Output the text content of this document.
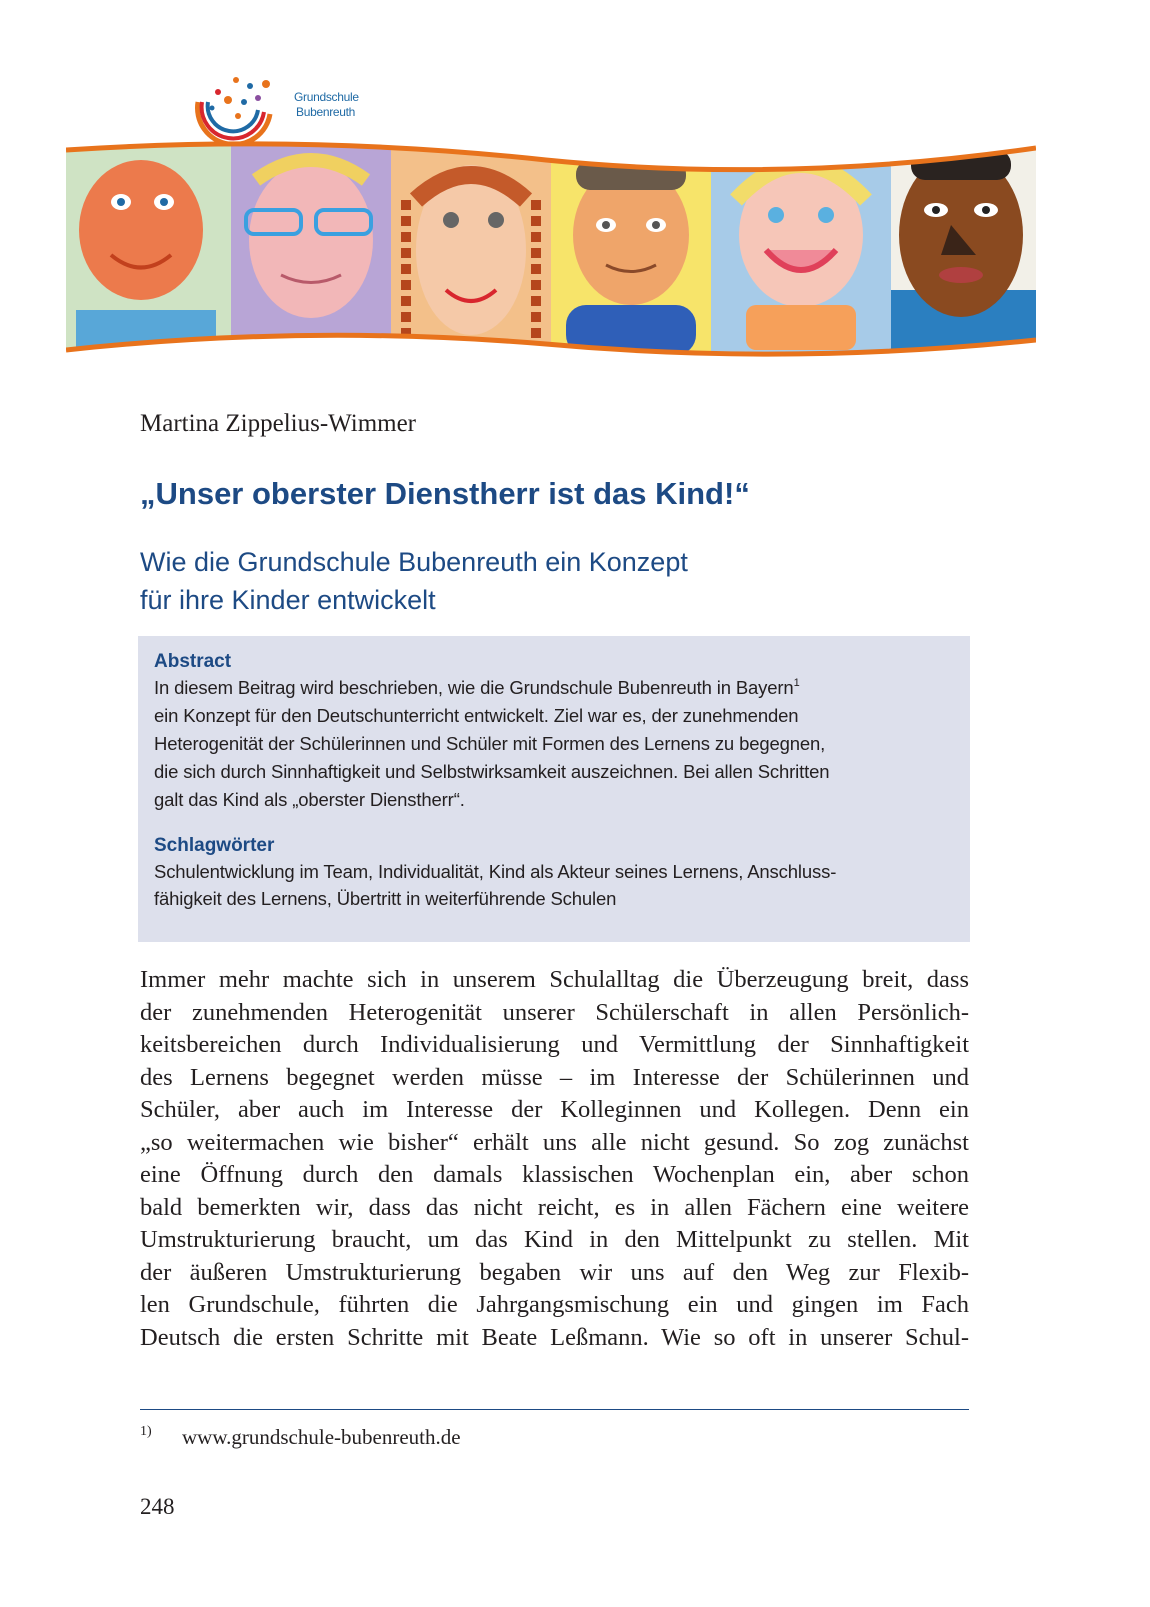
Grundschule
Bubenreuth
Martina Zippelius-Wimmer
„Unser oberster Dienstherr ist das Kind!“
Wie die Grundschule Bubenreuth ein Konzept
für ihre Kinder entwickelt
Abstract
In diesem Beitrag wird beschrieben, wie die Grundschule Bubenreuth in Bayern$^1$
ein Konzept für den Deutschunterricht entwickelt. Ziel war es, der zunehmenden
Heterogenität der Schülerinnen und Schüler mit Formen des Lernens zu begegnen,
die sich durch Sinnhaftigkeit und Selbstwirksamkeit auszeichnen. Bei allen Schritten
galt das Kind als „oberster Dienstherr“.
Schlagwörter
Schulentwicklung im Team, Individualität, Kind als Akteur seines Lernens, Anschluss-
fähigkeit des Lernens, Übertritt in weiterführende Schulen
Immer mehr machte sich in unserem Schulalltag die Überzeugung breit, dass
der zunehmenden Heterogenität unserer Schülerschaft in allen Persönlich-
keitsbereichen durch Individualisierung und Vermittlung der Sinnhaftigkeit
des Lernens begegnet werden müsse – im Interesse der Schülerinnen und
Schüler, aber auch im Interesse der Kolleginnen und Kollegen. Denn ein
„so weitermachen wie bisher“ erhält uns alle nicht gesund. So zog zunächst
eine Öffnung durch den damals klassischen Wochenplan ein, aber schon
bald bemerkten wir, dass das nicht reicht, es in allen Fächern eine weitere
Umstrukturierung braucht, um das Kind in den Mittelpunkt zu stellen. Mit
der äußeren Umstrukturierung begaben wir uns auf den Weg zur Flexib-
len Grundschule, führten die Jahrgangsmischung ein und gingen im Fach
Deutsch die ersten Schritte mit Beate Leßmann. Wie so oft in unserer Schul-
1) www.grundschule-bubenreuth.de
248
